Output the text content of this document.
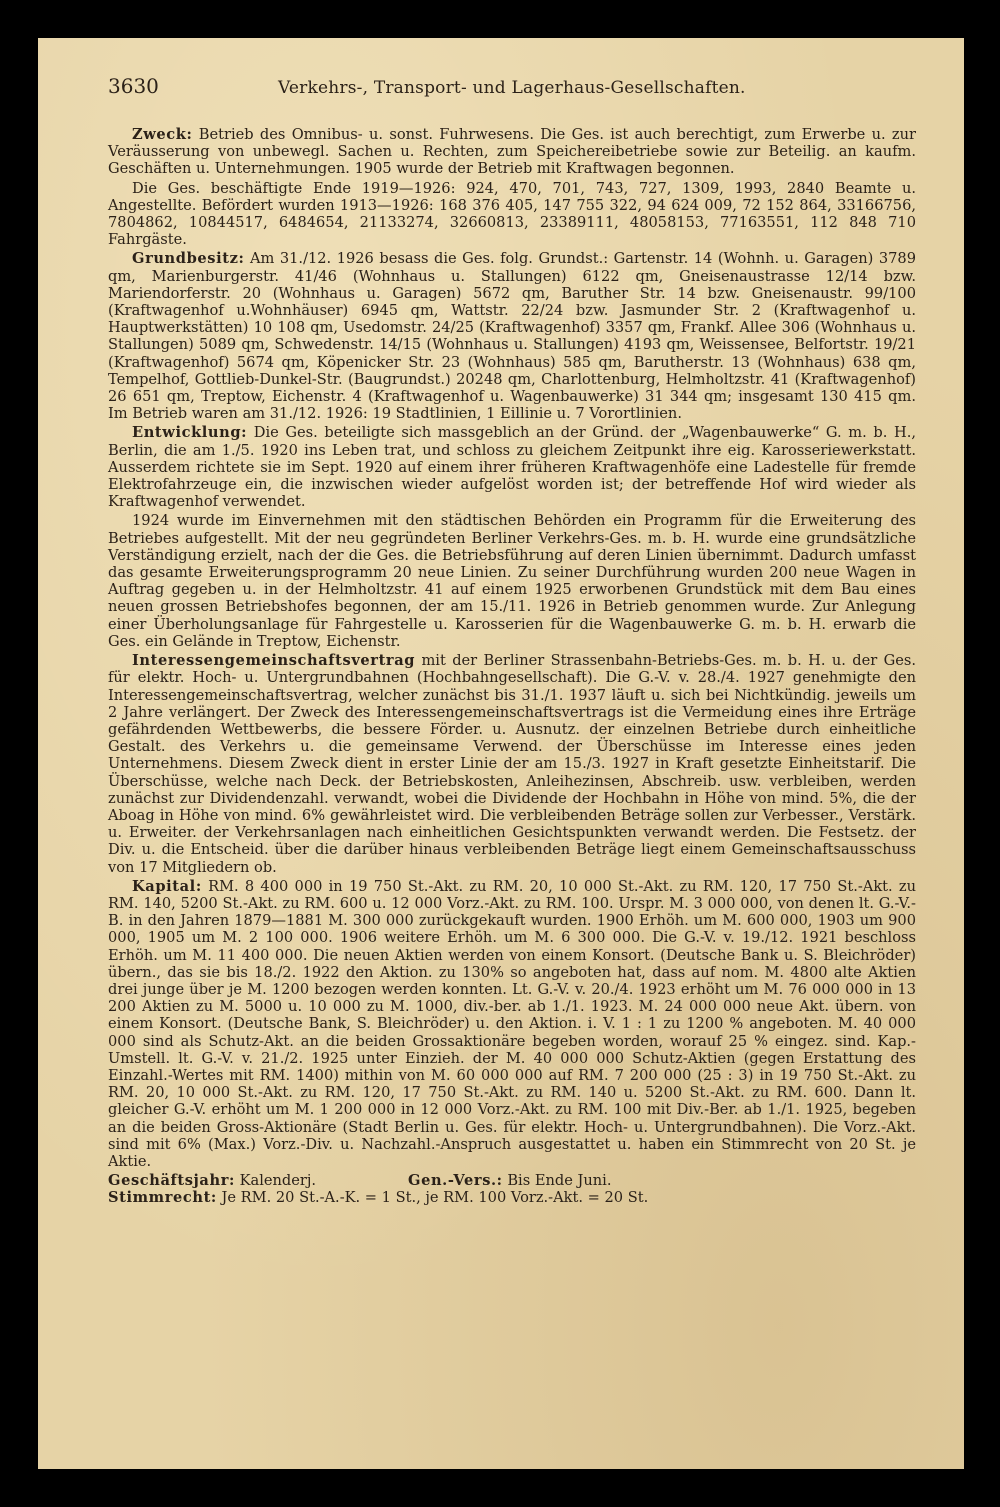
3630	Verkehrs-, Transport- und Lagerhaus-Gesellschaften.

Zweck: Betrieb des Omnibus- u. sonst. Fuhrwesens. Die Ges. ist auch berechtigt, zum Erwerbe u. zur Veräusserung von unbewegl. Sachen u. Rechten, zum Speichereibetriebe sowie zur Beteilig. an kaufm. Geschäften u. Unternehmungen. 1905 wurde der Betrieb mit Kraftwagen begonnen.

Die Ges. beschäftigte Ende 1919—1926: 924, 470, 701, 743, 727, 1309, 1993, 2840 Beamte u. Angestellte. Befördert wurden 1913—1926: 168 376 405, 147 755 322, 94 624 009, 72 152 864, 33166756, 7804862, 10844517, 6484654, 21133274, 32660813, 23389111, 48058153, 77163551, 112 848 710 Fahrgäste.

Grundbesitz: Am 31./12. 1926 besass die Ges. folg. Grundst.: Gartenstr. 14 (Wohnh. u. Garagen) 3789 qm, Marienburgerstr. 41/46 (Wohnhaus u. Stallungen) 6122 qm, Gneisenaustrasse 12/14 bzw. Mariendorferstr. 20 (Wohnhaus u. Garagen) 5672 qm, Baruther Str. 14 bzw. Gneisenaustr. 99/100 (Kraftwagenhof u.Wohnhäuser) 6945 qm, Wattstr. 22/24 bzw. Jasmunder Str. 2 (Kraftwagenhof u. Hauptwerkstätten) 10 108 qm, Usedomstr. 24/25 (Kraftwagenhof) 3357 qm, Frankf. Allee 306 (Wohnhaus u. Stallungen) 5089 qm, Schwedenstr. 14/15 (Wohnhaus u. Stallungen) 4193 qm, Weissensee, Belfortstr. 19/21 (Kraftwagenhof) 5674 qm, Köpenicker Str. 23 (Wohnhaus) 585 qm, Barutherstr. 13 (Wohnhaus) 638 qm, Tempelhof, Gottlieb-Dunkel-Str. (Baugrundst.) 20248 qm, Charlottenburg, Helmholtzstr. 41 (Kraftwagenhof) 26 651 qm, Treptow, Eichenstr. 4 (Kraftwagenhof u. Wagenbauwerke) 31 344 qm; insgesamt 130 415 qm. Im Betrieb waren am 31./12. 1926: 19 Stadtlinien, 1 Eillinie u. 7 Vorortlinien.

Entwicklung: Die Ges. beteiligte sich massgeblich an der Gründ. der „Wagenbauwerke“ G. m. b. H., Berlin, die am 1./5. 1920 ins Leben trat, und schloss zu gleichem Zeitpunkt ihre eig. Karosseriewerkstatt. Ausserdem richtete sie im Sept. 1920 auf einem ihrer früheren Kraftwagenhöfe eine Ladestelle für fremde Elektrofahrzeuge ein, die inzwischen wieder aufgelöst worden ist; der betreffende Hof wird wieder als Kraftwagenhof verwendet.

1924 wurde im Einvernehmen mit den städtischen Behörden ein Programm für die Erweiterung des Betriebes aufgestellt. Mit der neu gegründeten Berliner Verkehrs-Ges. m. b. H. wurde eine grundsätzliche Verständigung erzielt, nach der die Ges. die Betriebsführung auf deren Linien übernimmt. Dadurch umfasst das gesamte Erweiterungsprogramm 20 neue Linien. Zu seiner Durchführung wurden 200 neue Wagen in Auftrag gegeben u. in der Helmholtzstr. 41 auf einem 1925 erworbenen Grundstück mit dem Bau eines neuen grossen Betriebshofes begonnen, der am 15./11. 1926 in Betrieb genommen wurde. Zur Anlegung einer Überholungsanlage für Fahrgestelle u. Karosserien für die Wagenbauwerke G. m. b. H. erwarb die Ges. ein Gelände in Treptow, Eichenstr.

Interessengemeinschaftsvertrag mit der Berliner Strassenbahn-Betriebs-Ges. m. b. H. u. der Ges. für elektr. Hoch- u. Untergrundbahnen (Hochbahngesellschaft). Die G.-V. v. 28./4. 1927 genehmigte den Interessengemeinschaftsvertrag, welcher zunächst bis 31./1. 1937 läuft u. sich bei Nichtkündig. jeweils um 2 Jahre verlängert. Der Zweck des Interessengemeinschaftsvertrags ist die Vermeidung eines ihre Erträge gefährdenden Wettbewerbs, die bessere Förder. u. Ausnutz. der einzelnen Betriebe durch einheitliche Gestalt. des Verkehrs u. die gemeinsame Verwend. der Überschüsse im Interesse eines jeden Unternehmens. Diesem Zweck dient in erster Linie der am 15./3. 1927 in Kraft gesetzte Einheitstarif. Die Überschüsse, welche nach Deck. der Betriebskosten, Anleihezinsen, Abschreib. usw. verbleiben, werden zunächst zur Dividendenzahl. verwandt, wobei die Dividende der Hochbahn in Höhe von mind. 5%, die der Aboag in Höhe von mind. 6% gewährleistet wird. Die verbleibenden Beträge sollen zur Verbesser., Verstärk. u. Erweiter. der Verkehrsanlagen nach einheitlichen Gesichtspunkten verwandt werden. Die Festsetz. der Div. u. die Entscheid. über die darüber hinaus verbleibenden Beträge liegt einem Gemeinschaftsausschuss von 17 Mitgliedern ob.

Kapital: RM. 8 400 000 in 19 750 St.-Akt. zu RM. 20, 10 000 St.-Akt. zu RM. 120, 17 750 St.-Akt. zu RM. 140, 5200 St.-Akt. zu RM. 600 u. 12 000 Vorz.-Akt. zu RM. 100. Urspr. M. 3 000 000, von denen lt. G.-V.-B. in den Jahren 1879—1881 M. 300 000 zurückgekauft wurden. 1900 Erhöh. um M. 600 000, 1903 um 900 000, 1905 um M. 2 100 000. 1906 weitere Erhöh. um M. 6 300 000. Die G.-V. v. 19./12. 1921 beschloss Erhöh. um M. 11 400 000. Die neuen Aktien werden von einem Konsort. (Deutsche Bank u. S. Bleichröder) übern., das sie bis 18./2. 1922 den Aktion. zu 130% so angeboten hat, dass auf nom. M. 4800 alte Aktien drei junge über je M. 1200 bezogen werden konnten. Lt. G.-V. v. 20./4. 1923 erhöht um M. 76 000 000 in 13 200 Aktien zu M. 5000 u. 10 000 zu M. 1000, div.-ber. ab 1./1. 1923. M. 24 000 000 neue Akt. übern. von einem Konsort. (Deutsche Bank, S. Bleichröder) u. den Aktion. i. V. 1 : 1 zu 1200 % angeboten. M. 40 000 000 sind als Schutz-Akt. an die beiden Grossaktionäre begeben worden, worauf 25 % eingez. sind. Kap.-Umstell. lt. G.-V. v. 21./2. 1925 unter Einzieh. der M. 40 000 000 Schutz-Aktien (gegen Erstattung des Einzahl.-Wertes mit RM. 1400) mithin von M. 60 000 000 auf RM. 7 200 000 (25 : 3) in 19 750 St.-Akt. zu RM. 20, 10 000 St.-Akt. zu RM. 120, 17 750 St.-Akt. zu RM. 140 u. 5200 St.-Akt. zu RM. 600. Dann lt. gleicher G.-V. erhöht um M. 1 200 000 in 12 000 Vorz.-Akt. zu RM. 100 mit Div.-Ber. ab 1./1. 1925, begeben an die beiden Gross-Aktionäre (Stadt Berlin u. Ges. für elektr. Hoch- u. Untergrundbahnen). Die Vorz.-Akt. sind mit 6% (Max.) Vorz.-Div. u. Nachzahl.-Anspruch ausgestattet u. haben ein Stimmrecht von 20 St. je Aktie.

Geschäftsjahr: Kalenderj.	Gen.-Vers.: Bis Ende Juni.
Stimmrecht: Je RM. 20 St.-A.-K. = 1 St., je RM. 100 Vorz.-Akt. = 20 St.
